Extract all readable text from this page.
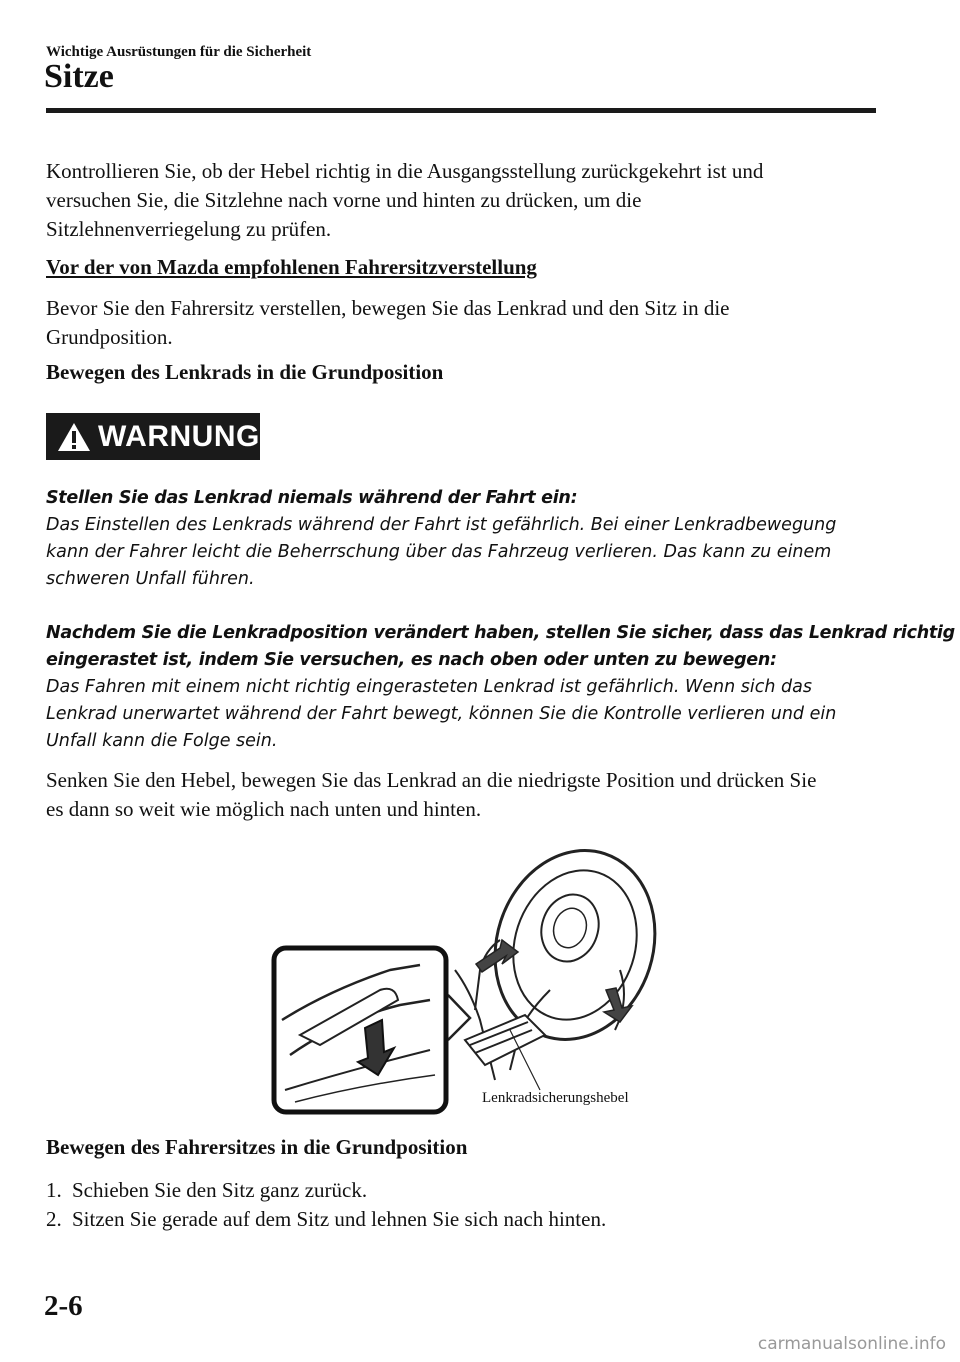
Wichtige Ausrüstungen für die Sicherheit
Sitze
Kontrollieren Sie, ob der Hebel richtig in die Ausgangsstellung zurückgekehrt ist und
versuchen Sie, die Sitzlehne nach vorne und hinten zu drücken, um die
Sitzlehnenverriegelung zu prüfen.
Vor der von Mazda empfohlenen Fahrersitzverstellung
Bevor Sie den Fahrersitz verstellen, bewegen Sie das Lenkrad und den Sitz in die
Grundposition.
Bewegen des Lenkrads in die Grundposition
WARNUNG
Stellen Sie das Lenkrad niemals während der Fahrt ein:
Das Einstellen des Lenkrads während der Fahrt ist gefährlich. Bei einer Lenkradbewegung
kann der Fahrer leicht die Beherrschung über das Fahrzeug verlieren. Das kann zu einem
schweren Unfall führen.
Nachdem Sie die Lenkradposition verändert haben, stellen Sie sicher, dass das Lenkrad richtig
eingerastet ist, indem Sie versuchen, es nach oben oder unten zu bewegen:
Das Fahren mit einem nicht richtig eingerasteten Lenkrad ist gefährlich. Wenn sich das
Lenkrad unerwartet während der Fahrt bewegt, können Sie die Kontrolle verlieren und ein
Unfall kann die Folge sein.
Senken Sie den Hebel, bewegen Sie das Lenkrad an die niedrigste Position und drücken Sie
es dann so weit wie möglich nach unten und hinten.
Lenkradsicherungshebel
Bewegen des Fahrersitzes in die Grundposition
1. Schieben Sie den Sitz ganz zurück.
2. Sitzen Sie gerade auf dem Sitz und lehnen Sie sich nach hinten.
2-6
carmanualsonline.info
